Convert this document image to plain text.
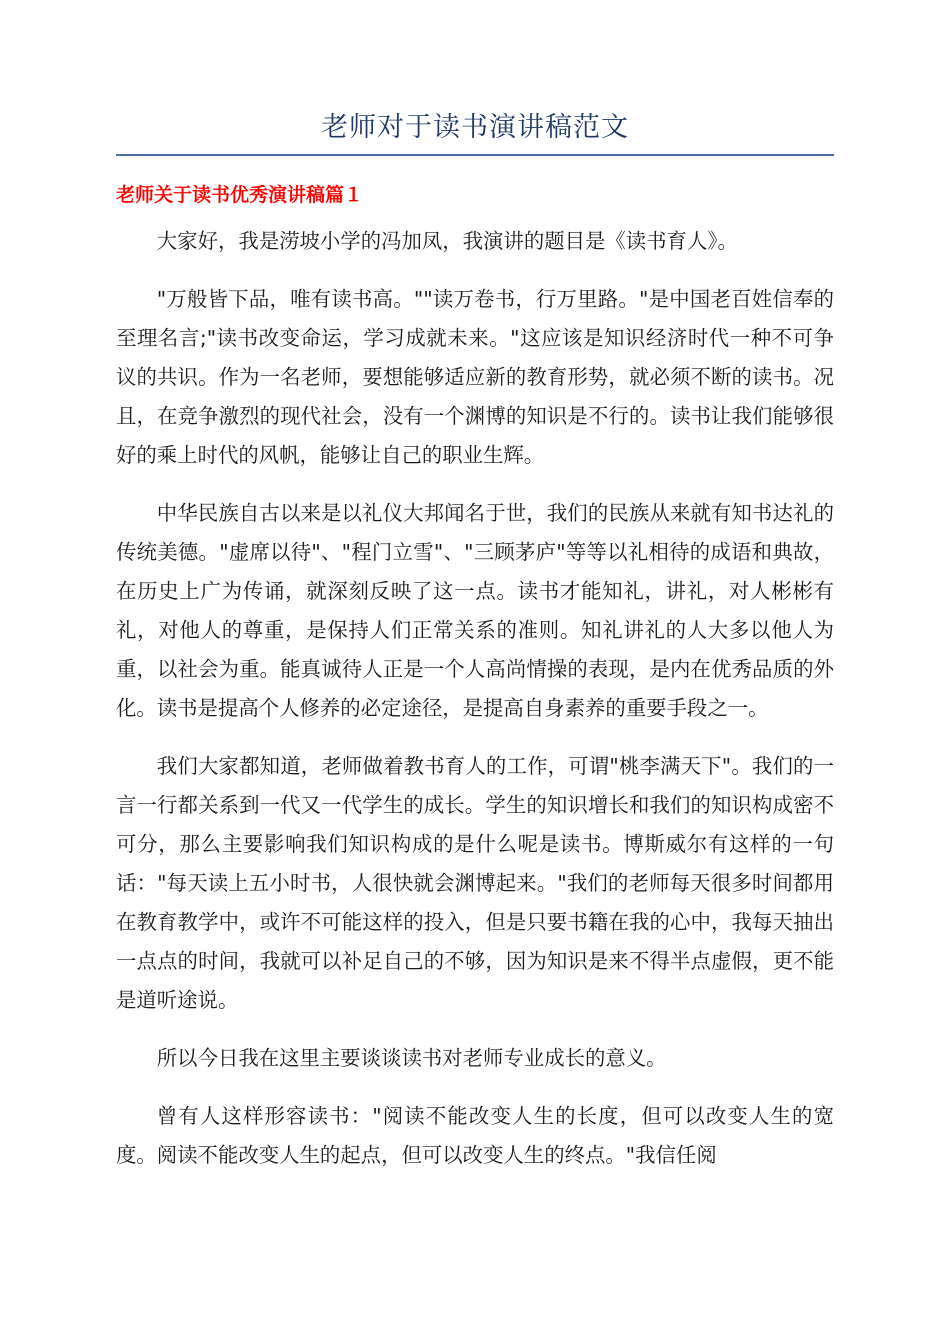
老师对于读书演讲稿范文
老师关于读书优秀演讲稿篇１

大家好，我是涝坡小学的冯加凤，我演讲的题目是《读书育人》。

"万般皆下品，唯有读书高。""读万卷书，行万里路。"是中国老百姓信奉的至理名言;"读书改变命运，学习成就未来。"这应该是知识经济时代一种不可争议的共识。作为一名老师，要想能够适应新的教育形势，就必须不断的读书。况且，在竞争激烈的现代社会，没有一个渊博的知识是不行的。读书让我们能够很好的乘上时代的风帆，能够让自己的职业生辉。

中华民族自古以来是以礼仪大邦闻名于世，我们的民族从来就有知书达礼的传统美德。"虚席以待"、"程门立雪"、"三顾茅庐"等等以礼相待的成语和典故，在历史上广为传诵，就深刻反映了这一点。读书才能知礼，讲礼，对人彬彬有礼，对他人的尊重，是保持人们正常关系的准则。知礼讲礼的人大多以他人为重，以社会为重。能真诚待人正是一个人高尚情操的表现，是内在优秀品质的外化。读书是提高个人修养的必定途径，是提高自身素养的重要手段之一。

我们大家都知道，老师做着教书育人的工作，可谓"桃李满天下"。我们的一言一行都关系到一代又一代学生的成长。学生的知识增长和我们的知识构成密不可分，那么主要影响我们知识构成的是什么呢是读书。博斯威尔有这样的一句话："每天读上五小时书，人很快就会渊博起来。"我们的老师每天很多时间都用在教育教学中，或许不可能这样的投入，但是只要书籍在我的心中，我每天抽出一点点的时间，我就可以补足自己的不够，因为知识是来不得半点虚假，更不能是道听途说。

所以今日我在这里主要谈谈读书对老师专业成长的意义。

曾有人这样形容读书："阅读不能改变人生的长度，但可以改变人生的宽度。阅读不能改变人生的起点，但可以改变人生的终点。"我信任阅
